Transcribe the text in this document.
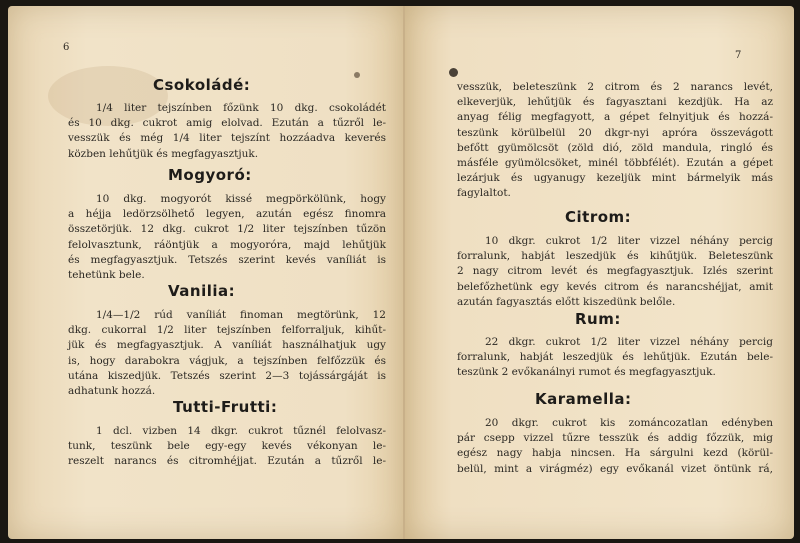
6
Csokoládé:
1/4 liter tejszínben főzünk 10 dkg. csokoládét
és 10 dkg. cukrot amig elolvad. Ezután a tűzről le-
vesszük és még 1/4 liter tejszínt hozzáadva keverés
közben lehűtjük és megfagyasztjuk.
Mogyoró:
10 dkg. mogyorót kissé megpörkölünk, hogy
a héjja ledörzsölhető legyen, azután egész finomra
összetörjük. 12 dkg. cukrot 1/2 liter tejszínben tűzön
felolvasztunk, ráöntjük a mogyoróra, majd lehűtjük
és megfagyasztjuk. Tetszés szerint kevés vaníliát is
tehetünk bele.
Vanilia:
1/4—1/2 rúd vaníliát finoman megtörünk, 12
dkg. cukorral 1/2 liter tejszínben felforraljuk, kihűt-
jük és megfagyasztjuk. A vaníliát használhatjuk ugy
is, hogy darabokra vágjuk, a tejszínben felfőzzük és
utána kiszedjük. Tetszés szerint 2—3 tojássárgáját is
adhatunk hozzá.
Tutti-Frutti:
1 dcl. vizben 14 dkgr. cukrot tűznél felolvasz-
tunk, teszünk bele egy-egy kevés vékonyan le-
reszelt narancs és citromhéjjat. Ezután a tűzről le-
7
vesszük, beleteszünk 2 citrom és 2 narancs levét,
elkeverjük, lehűtjük és fagyasztani kezdjük. Ha az
anyag félig megfagyott, a gépet felnyitjuk és hozzá-
teszünk körülbelül 20 dkgr-nyi apróra összevágott
befőtt gyümölcsöt (zöld dió, zöld mandula, ringló és
másféle gyümölcsöket, minél többfélét). Ezután a gépet
lezárjuk és ugyanugy kezeljük mint bármelyik más
fagylaltot.
Citrom:
10 dkgr. cukrot 1/2 liter vizzel néhány percig
forralunk, habját leszedjük és kihűtjük. Beleteszünk
2 nagy citrom levét és megfagyasztjuk. Izlés szerint
belefőzhetünk egy kevés citrom és narancshéjjat, amit
azután fagyasztás előtt kiszedünk belőle.
Rum:
22 dkgr. cukrot 1/2 liter vizzel néhány percig
forralunk, habját leszedjük és lehűtjük. Ezután bele-
teszünk 2 evőkanálnyi rumot és megfagyasztjuk.
Karamella:
20 dkgr. cukrot kis zománcozatlan edényben
pár csepp vizzel tűzre tesszük és addig főzzük, mig
egész nagy habja nincsen. Ha sárgulni kezd (körül-
belül, mint a virágméz) egy evőkanál vizet öntünk rá,
